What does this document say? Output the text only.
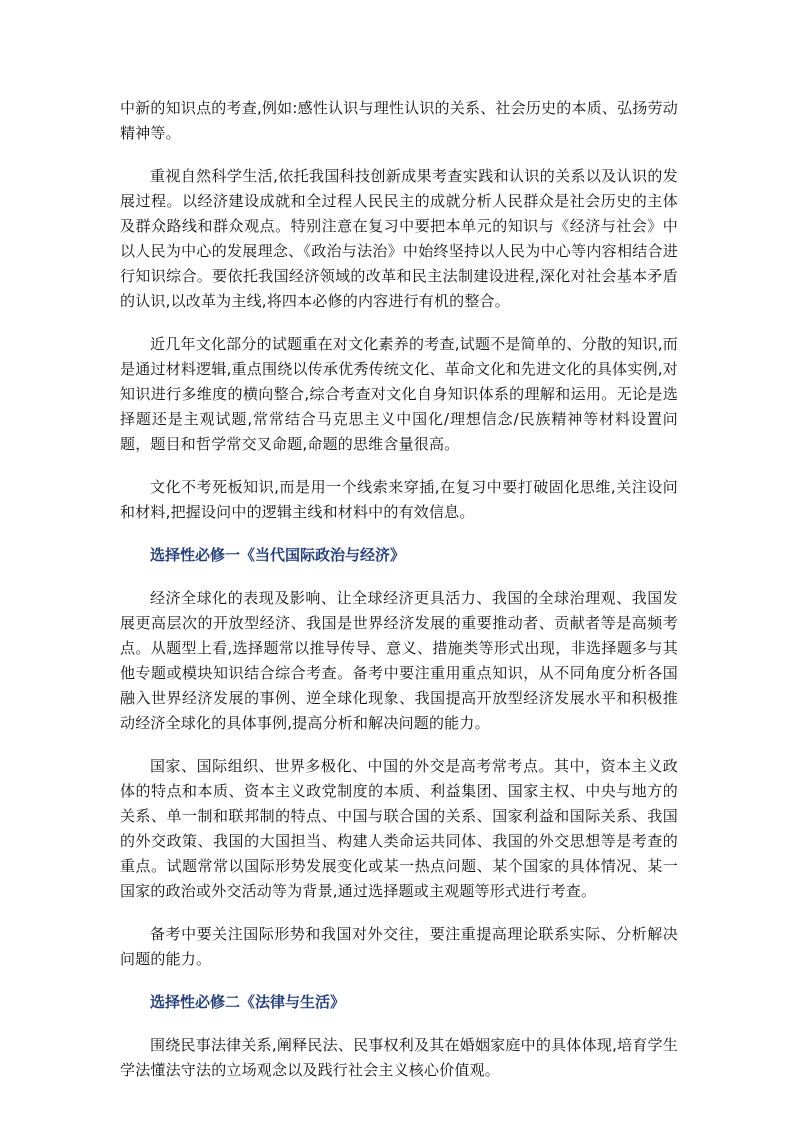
中新的知识点的考查,例如:感性认识与理性认识的关系、社会历史的本质、弘扬劳动精神等。

重视自然科学生活,依托我国科技创新成果考查实践和认识的关系以及认识的发展过程。以经济建设成就和全过程人民民主的成就分析人民群众是社会历史的主体及群众路线和群众观点。特别注意在复习中要把本单元的知识与《经济与社会》中以人民为中心的发展理念、《政治与法治》中始终坚持以人民为中心等内容相结合进行知识综合。要依托我国经济领域的改革和民主法制建设进程,深化对社会基本矛盾的认识,以改革为主线,将四本必修的内容进行有机的整合。

近几年文化部分的试题重在对文化素养的考查,试题不是简单的、分散的知识,而是通过材料逻辑,重点围绕以传承优秀传统文化、革命文化和先进文化的具体实例,对知识进行多维度的横向整合,综合考查对文化自身知识体系的理解和运用。无论是选择题还是主观试题,常常结合马克思主义中国化/理想信念/民族精神等材料设置问题，题目和哲学常交叉命题,命题的思维含量很高。

文化不考死板知识,而是用一个线索来穿插,在复习中要打破固化思维,关注设问和材料,把握设问中的逻辑主线和材料中的有效信息。

选择性必修一《当代国际政治与经济》

经济全球化的表现及影响、让全球经济更具活力、我国的全球治理观、我国发展更高层次的开放型经济、我国是世界经济发展的重要推动者、贡献者等是高频考点。从题型上看,选择题常以推导传导、意义、措施类等形式出现，非选择题多与其他专题或模块知识结合综合考查。备考中要注重用重点知识，从不同角度分析各国融入世界经济发展的事例、逆全球化现象、我国提高开放型经济发展水平和积极推动经济全球化的具体事例,提高分析和解决问题的能力。

国家、国际组织、世界多极化、中国的外交是高考常考点。其中，资本主义政体的特点和本质、资本主义政党制度的本质、利益集团、国家主权、中央与地方的关系、单一制和联邦制的特点、中国与联合国的关系、国家利益和国际关系、我国的外交政策、我国的大国担当、构建人类命运共同体、我国的外交思想等是考查的重点。试题常常以国际形势发展变化或某一热点问题、某个国家的具体情况、某一国家的政治或外交活动等为背景,通过选择题或主观题等形式进行考查。

备考中要关注国际形势和我国对外交往，要注重提高理论联系实际、分析解决问题的能力。

选择性必修二《法律与生活》

围绕民事法律关系,阐释民法、民事权利及其在婚姻家庭中的具体体现,培育学生学法懂法守法的立场观念以及践行社会主义核心价值观。
